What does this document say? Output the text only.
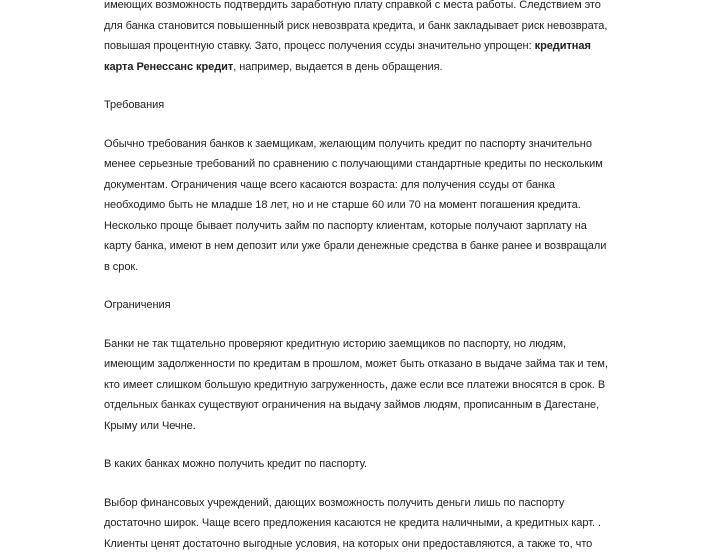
имеющих возможность подтвердить заработную плату справкой с места работы. Следствием это
для банка становится повышенный риск невозврата кредита, и банк закладывает риск невозврата,
повышая процентную ставку. Зато, процесс получения ссуды значительно упрощен: кредитная
карта Ренессанс кредит, например, выдается в день обращения.

Требования

Обычно требования банков к заемщикам, желающим получить кредит по паспорту значительно
менее серьезные требований по сравнению с получающими стандартные кредиты по нескольким
документам. Ограничения чаще всего касаются возраста: для получения ссуды от банка
необходимо быть не младше 18 лет, но и не старше 60 или 70 на момент погашения кредита.
Несколько проще бывает получить займ по паспорту клиентам, которые получают зарплату на
карту банка, имеют в нем депозит или уже брали денежные средства в банке ранее и возвращали
в срок.

Ограничения

Банки не так тщательно проверяют кредитную историю заемщиков по паспорту, но людям,
имеющим задолженности по кредитам в прошлом, может быть отказано в выдаче займа так и тем,
кто имеет слишком большую кредитную загруженность, даже если все платежи вносятся в срок. В
отдельных банках существуют ограничения на выдачу займов людям, прописанным в Дагестане,
Крыму или Чечне.

В каких банках можно получить кредит по паспорту.

Выбор финансовых учреждений, дающих возможность получить деньги лишь по паспорту
достаточно широк. Чаще всего предложения касаются не кредита наличными, а кредитных карт. .
Клиенты ценят достаточно выгодные условия, на которых они предоставляются, а также то, что
